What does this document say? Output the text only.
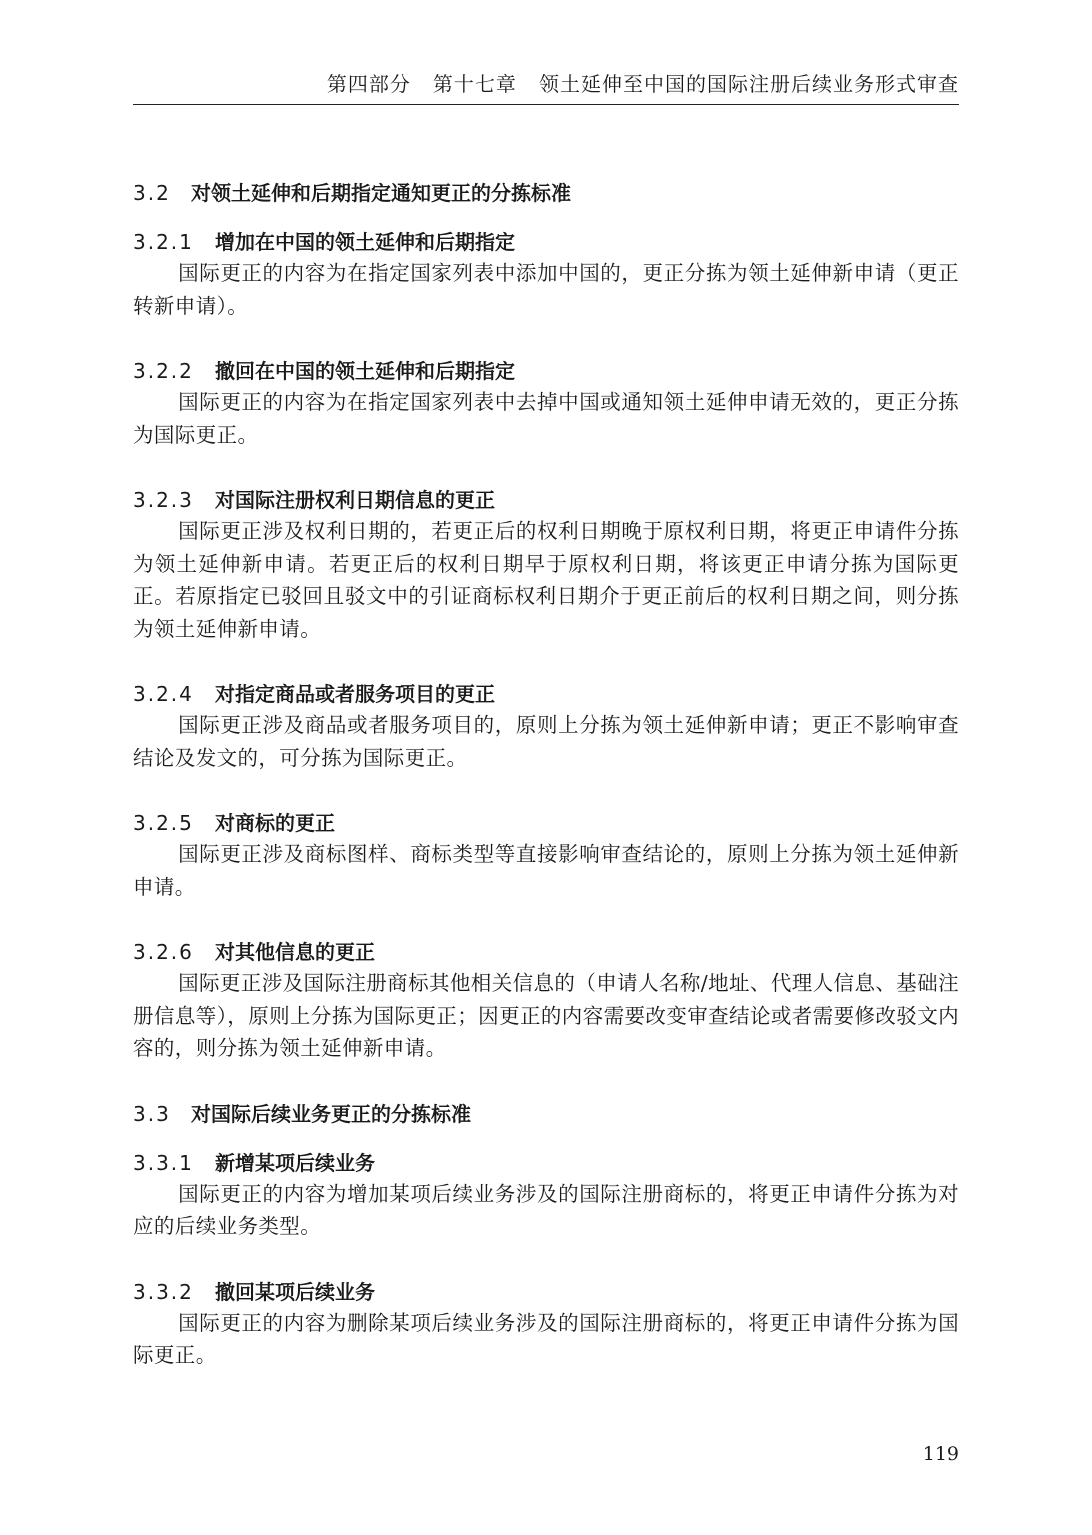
第四部分   第十七章   领土延伸至中国的国际注册后续业务形式审查
3.2 对领土延伸和后期指定通知更正的分拣标准
3.2.1 增加在中国的领土延伸和后期指定

国际更正的内容为在指定国家列表中添加中国的，更正分拣为领土延伸新申请（更正转新申请）。

3.2.2 撤回在中国的领土延伸和后期指定

国际更正的内容为在指定国家列表中去掉中国或通知领土延伸申请无效的，更正分拣为国际更正。

3.2.3 对国际注册权利日期信息的更正

国际更正涉及权利日期的，若更正后的权利日期晚于原权利日期，将更正申请件分拣为领土延伸新申请。若更正后的权利日期早于原权利日期，将该更正申请分拣为国际更正。若原指定已驳回且驳文中的引证商标权利日期介于更正前后的权利日期之间，则分拣为领土延伸新申请。

3.2.4 对指定商品或者服务项目的更正

国际更正涉及商品或者服务项目的，原则上分拣为领土延伸新申请；更正不影响审查结论及发文的，可分拣为国际更正。

3.2.5 对商标的更正

国际更正涉及商标图样、商标类型等直接影响审查结论的，原则上分拣为领土延伸新申请。

3.2.6 对其他信息的更正

国际更正涉及国际注册商标其他相关信息的（申请人名称/地址、代理人信息、基础注册信息等），原则上分拣为国际更正；因更正的内容需要改变审查结论或者需要修改驳文内容的，则分拣为领土延伸新申请。

3.3 对国际后续业务更正的分拣标准
3.3.1 新增某项后续业务

国际更正的内容为增加某项后续业务涉及的国际注册商标的，将更正申请件分拣为对应的后续业务类型。

3.3.2 撤回某项后续业务

国际更正的内容为删除某项后续业务涉及的国际注册商标的，将更正申请件分拣为国际更正。

119
